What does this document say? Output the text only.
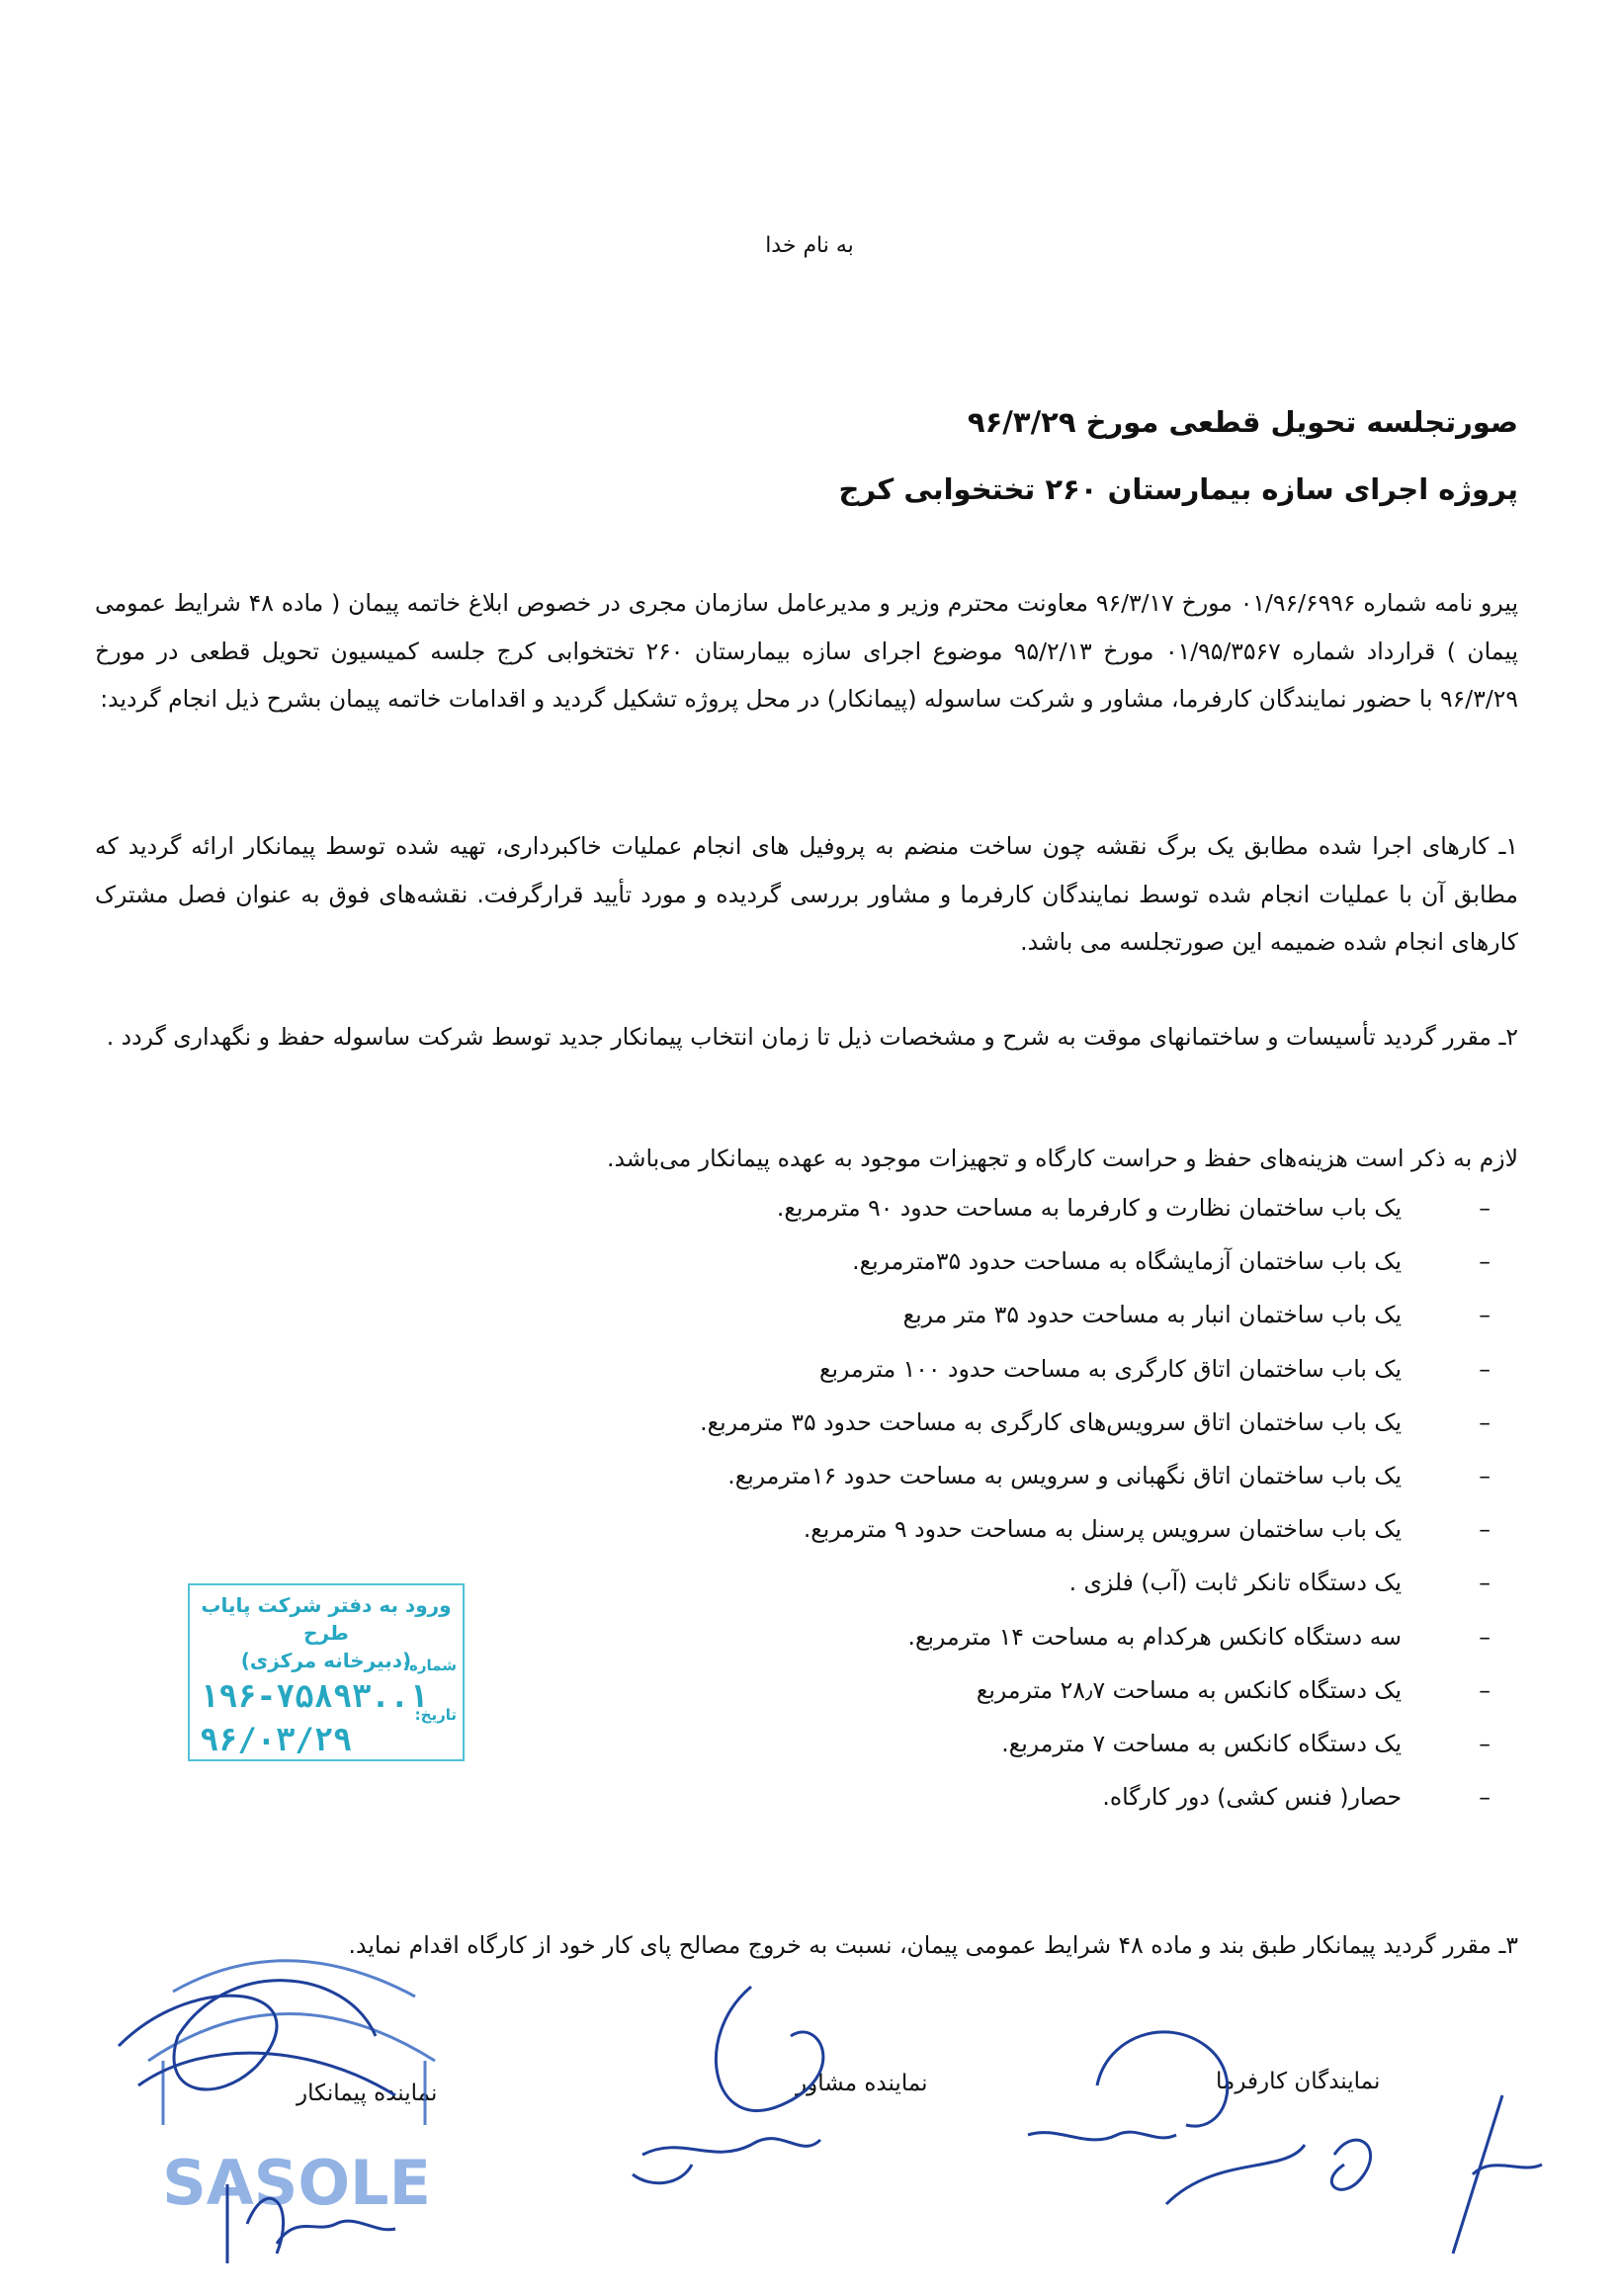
به نام خدا
صورتجلسه تحویل قطعی مورخ ۹۶/۳/۲۹
پروژه اجرای سازه بیمارستان ۲۶۰ تختخوابی کرج
پیرو نامه شماره ۰۱/۹۶/۶۹۹۶ مورخ ۹۶/۳/۱۷ معاونت محترم وزیر و مدیرعامل سازمان مجری در خصوص ابلاغ خاتمه پیمان ( ماده ۴۸ شرایط عمومی پیمان ) قرارداد شماره ۰۱/۹۵/۳۵۶۷ مورخ ۹۵/۲/۱۳ موضوع اجرای سازه بیمارستان ۲۶۰ تختخوابی کرج جلسه کمیسیون تحویل قطعی در مورخ ۹۶/۳/۲۹ با حضور نمایندگان کارفرما، مشاور و شرکت ساسوله (پیمانکار) در محل پروژه تشکیل گردید و اقدامات خاتمه پیمان بشرح ذیل انجام گردید:
۱ـ کارهای اجرا شده مطابق یک برگ نقشه چون ساخت منضم به پروفیل های انجام عملیات خاکبرداری، تهیه شده توسط پیمانکار ارائه گردید که مطابق آن با عملیات انجام شده توسط نمایندگان کارفرما و مشاور بررسی گردیده و مورد تأیید قرارگرفت. نقشه‌های فوق به عنوان فصل مشترک کارهای انجام شده ضمیمه این صورتجلسه می باشد.
۲ـ مقرر گردید تأسیسات و ساختمانهای موقت به شرح و مشخصات ذیل تا زمان انتخاب پیمانکار جدید توسط شرکت ساسوله حفظ و نگهداری گردد .
لازم به ذکر است هزینه‌های حفظ و حراست کارگاه و تجهیزات موجود به عهده پیمانکار می‌باشد.
–
یک باب ساختمان نظارت و کارفرما به مساحت حدود ۹۰ مترمربع.
–
یک باب ساختمان آزمایشگاه به مساحت حدود ۳۵مترمربع.
–
یک باب ساختمان انبار به مساحت حدود ۳۵ متر مربع
–
یک باب ساختمان اتاق کارگری به مساحت حدود ۱۰۰ مترمربع
–
یک باب ساختمان اتاق سرویس‌های کارگری به مساحت حدود ۳۵ مترمربع.
–
یک باب ساختمان اتاق نگهبانی و سرویس به مساحت حدود ۱۶مترمربع.
–
یک باب ساختمان سرویس پرسنل به مساحت حدود ۹ مترمربع.
–
یک دستگاه تانکر ثابت (آب) فلزی .
–
سه دستگاه کانکس هرکدام به مساحت ۱۴ مترمربع.
–
یک دستگاه کانکس به مساحت ۲۸٫۷ مترمربع
–
یک دستگاه کانکس به مساحت ۷ مترمربع.
–
حصار( فنس کشی) دور کارگاه.
۳ـ مقرر گردید پیمانکار طبق بند و ماده ۴۸ شرایط عمومی پیمان، نسبت به خروج مصالح پای کار خود از کارگاه اقدام نماید.
ورود به دفتر شرکت پایاب طرح
(دبیرخانه مرکزی)
شماره:
۱..۱۹۶-۷۵۸۹۳
تاریخ:
۹۶/۰۳/۲۹
نماینده پیمانکار	نماینده مشاور	نمایندگان کارفرما
SASOLE
